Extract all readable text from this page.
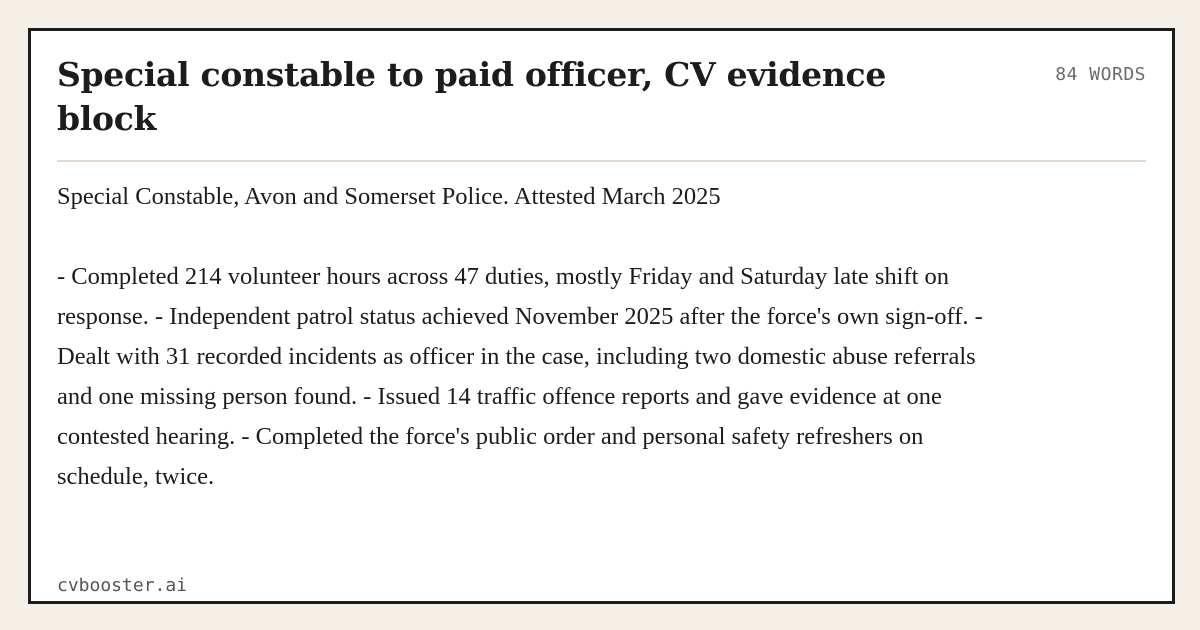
Special constable to paid officer, CV evidence block
84 WORDS

Special Constable, Avon and Somerset Police. Attested March 2025

- Completed 214 volunteer hours across 47 duties, mostly Friday and Saturday late shift on response. - Independent patrol status achieved November 2025 after the force's own sign-off. - Dealt with 31 recorded incidents as officer in the case, including two domestic abuse referrals and one missing person found. - Issued 14 traffic offence reports and gave evidence at one contested hearing. - Completed the force's public order and personal safety refreshers on schedule, twice.

cvbooster.ai
